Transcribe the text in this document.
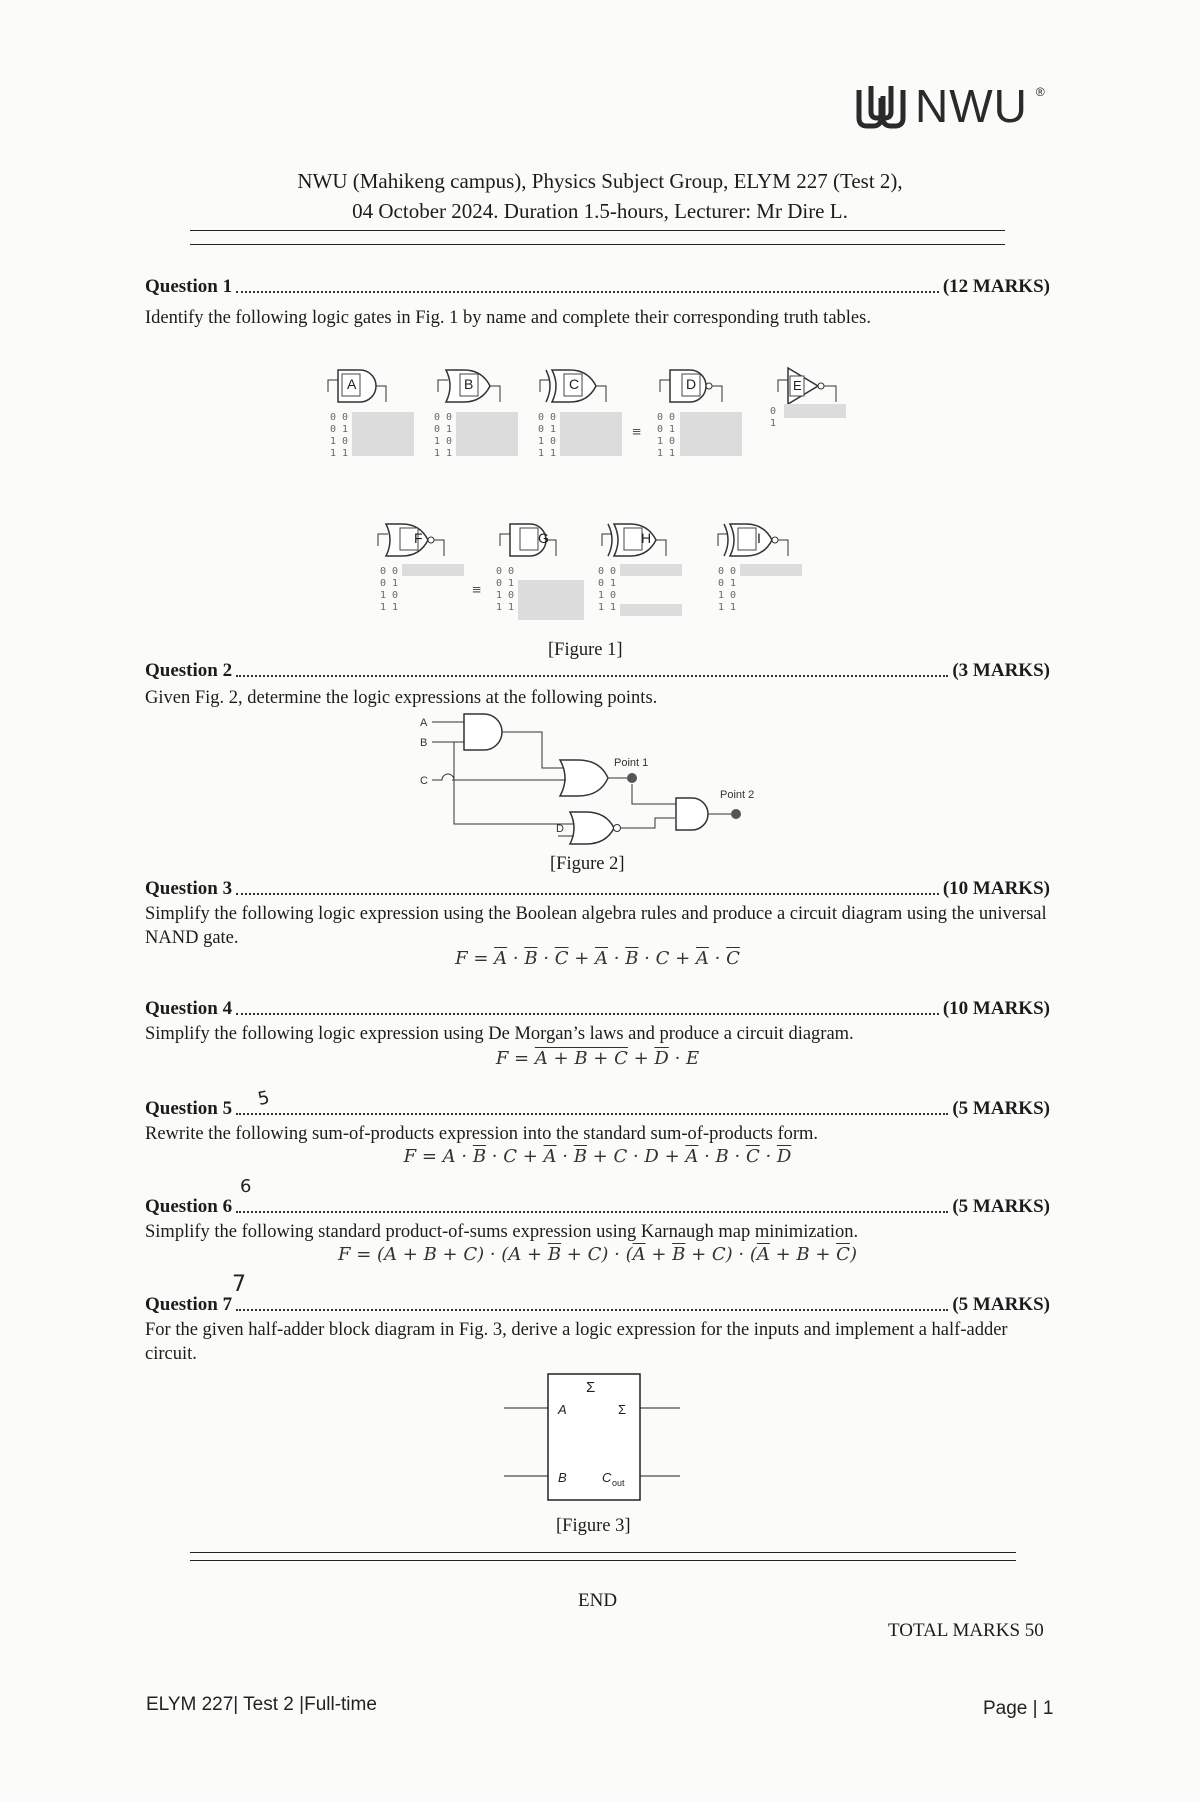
NWU ®
NWU (Mahikeng campus), Physics Subject Group, ELYM 227 (Test 2),
04 October 2024. Duration 1.5-hours, Lecturer: Mr Dire L.
Question 1	(12 MARKS)
Identify the following logic gates in Fig. 1 by name and complete their corresponding truth tables.
A	B	C	D	E
0 0
0 1
1 0
1 1
0 0
0 1
1 0
1 1
0 0
0 1
1 0
1 1
0 0
0 1
1 0
1 1
0
1
≡
F	G	H	I
0 0
0 1
1 0
1 1
0 0
0 1
1 0
1 1
0 0
0 1
1 0
1 1
0 0
0 1
1 0
1 1
≡
[Figure 1]
Question 2	(3 MARKS)
Given Fig. 2, determine the logic expressions at the following points.
A
B
C
D
Point 1
Point 2
[Figure 2]
Question 3	(10 MARKS)
Simplify the following logic expression using the Boolean algebra rules and produce a circuit diagram using the universal NAND gate.
$F = \overline{A} \cdot \overline{B} \cdot \overline{C} + \overline{A} \cdot \overline{B} \cdot C + \overline{A} \cdot \overline{C}$
Question 4	(10 MARKS)
Simplify the following logic expression using De Morgan’s laws and produce a circuit diagram.
$F = A + B + C + \overline{D} \cdot E$
Question 5	(5 MARKS)
Rewrite the following sum-of-products expression into the standard sum-of-products form.
$F = A \cdot \overline{B} \cdot C + \overline{A} \cdot \overline{B} + C \cdot D + \overline{A} \cdot B \cdot \overline{C} \cdot \overline{D}$
Question 6	(5 MARKS)
Simplify the following standard product-of-sums expression using Karnaugh map minimization.
$F = (A + B + C) \cdot (A + \overline{B} + C) \cdot (\overline{A} + \overline{B} + C) \cdot (\overline{A} + B + \overline{C})$
Question 7	(5 MARKS)
For the given half-adder block diagram in Fig. 3, derive a logic expression for the inputs and implement a half-adder circuit.
5
6
7
Σ
A
B
Σ
C out
[Figure 3]
END
TOTAL MARKS 50
ELYM 227| Test 2 |Full-time	Page | 1
